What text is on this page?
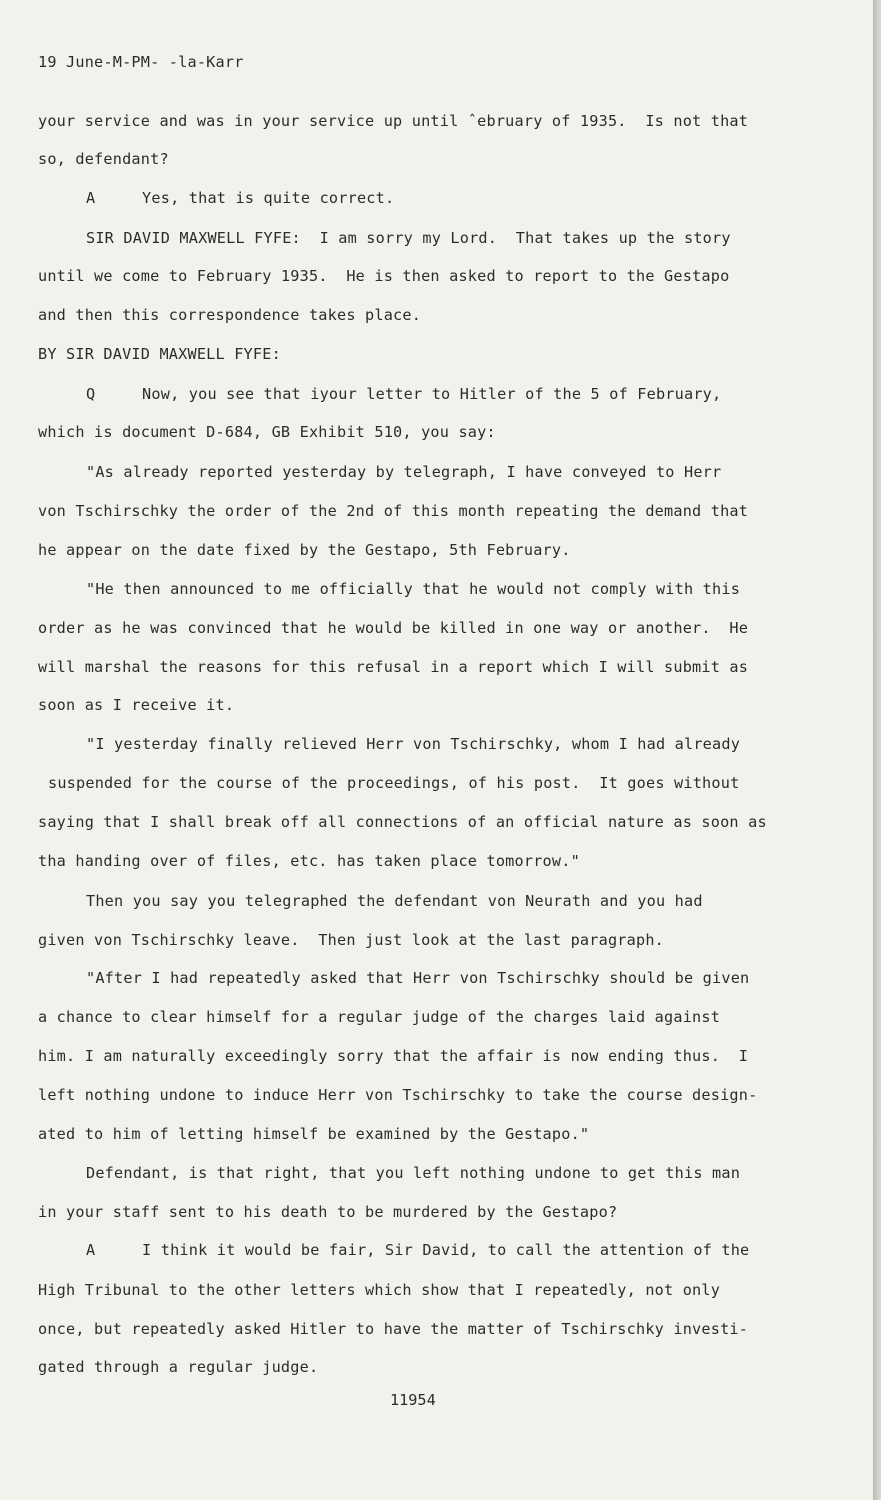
19 June-M-PM- -la-Karr
your service and was in your service up until ˆebruary of 1935.  Is not that
so, defendant?
A     Yes, that is quite correct.
SIR DAVID MAXWELL FYFE:  I am sorry my Lord.  That takes up the story
until we come to February 1935.  He is then asked to report to the Gestapo
and then this correspondence takes place.
BY SIR DAVID MAXWELL FYFE:
Q     Now, you see that iyour letter to Hitler of the 5 of February,
which is document D-684, GB Exhibit 510, you say:
"As already reported yesterday by telegraph, I have conveyed to Herr
von Tschirschky the order of the 2nd of this month repeating the demand that
he appear on the date fixed by the Gestapo, 5th February.
"He then announced to me officially that he would not comply with this
order as he was convinced that he would be killed in one way or another.  He
will marshal the reasons for this refusal in a report which I will submit as
soon as I receive it.
"I yesterday finally relieved Herr von Tschirschky, whom I had already
suspended for the course of the proceedings, of his post.  It goes without
saying that I shall break off all connections of an official nature as soon as
tha handing over of files, etc. has taken place tomorrow."
Then you say you telegraphed the defendant von Neurath and you had
given von Tschirschky leave.  Then just look at the last paragraph.
"After I had repeatedly asked that Herr von Tschirschky should be given
a chance to clear himself for a regular judge of the charges laid against
him. I am naturally exceedingly sorry that the affair is now ending thus.  I
left nothing undone to induce Herr von Tschirschky to take the course design-
ated to him of letting himself be examined by the Gestapo."
Defendant, is that right, that you left nothing undone to get this man
in your staff sent to his death to be murdered by the Gestapo?
A     I think it would be fair, Sir David, to call the attention of the
High Tribunal to the other letters which show that I repeatedly, not only
once, but repeatedly asked Hitler to have the matter of Tschirschky investi-
gated through a regular judge.
11954
